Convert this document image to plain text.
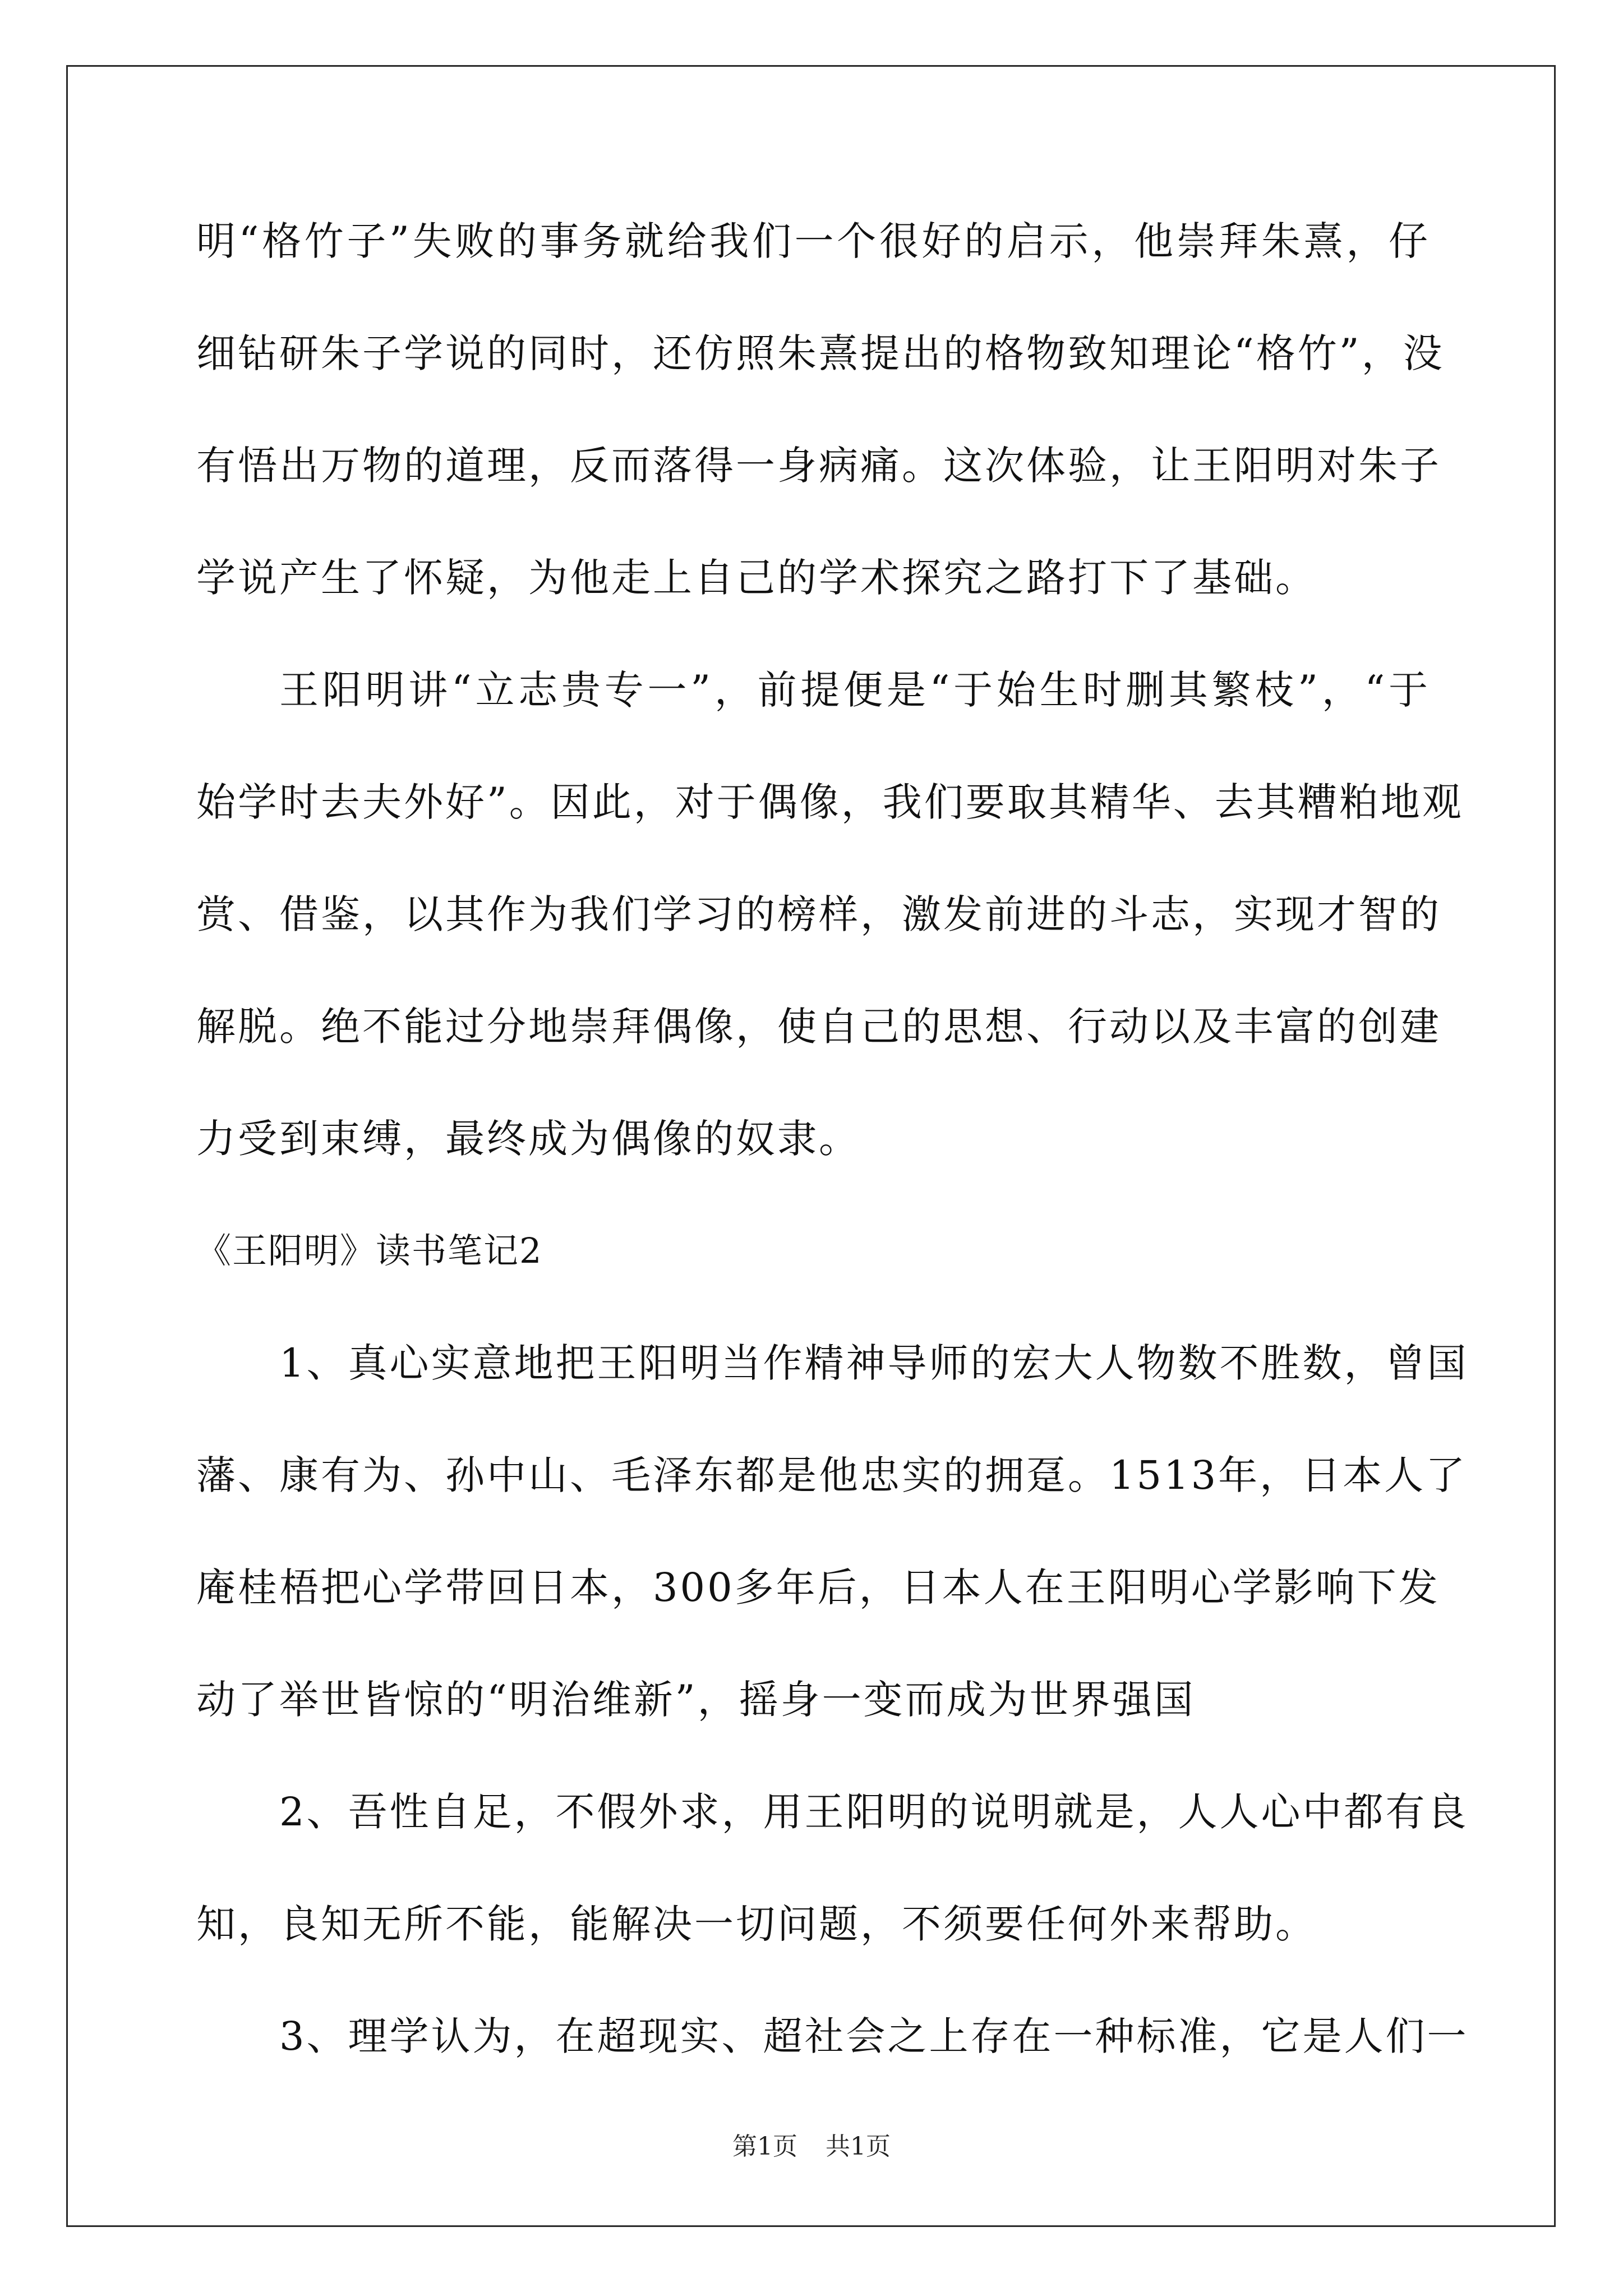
明“格竹子”失败的事务就给我们一个很好的启示，他崇拜朱熹，仔
细钻研朱子学说的同时，还仿照朱熹提出的格物致知理论“格竹”，没
有悟出万物的道理，反而落得一身病痛。这次体验，让王阳明对朱子
学说产生了怀疑，为他走上自己的学术探究之路打下了基础。
王阳明讲“立志贵专一”，前提便是“于始生时删其繁枝”，“于
始学时去夫外好”。因此，对于偶像，我们要取其精华、去其糟粕地观
赏、借鉴，以其作为我们学习的榜样，激发前进的斗志，实现才智的
解脱。绝不能过分地崇拜偶像，使自己的思想、行动以及丰富的创建
力受到束缚，最终成为偶像的奴隶。
《王阳明》读书笔记2
1、真心实意地把王阳明当作精神导师的宏大人物数不胜数，曾国
藩、康有为、孙中山、毛泽东都是他忠实的拥趸。1513年，日本人了
庵桂梧把心学带回日本，300多年后，日本人在王阳明心学影响下发
动了举世皆惊的“明治维新”，摇身一变而成为世界强国
2、吾性自足，不假外求，用王阳明的说明就是，人人心中都有良
知，良知无所不能，能解决一切问题，不须要任何外来帮助。
3、理学认为，在超现实、超社会之上存在一种标准，它是人们一
第1页 共1页
